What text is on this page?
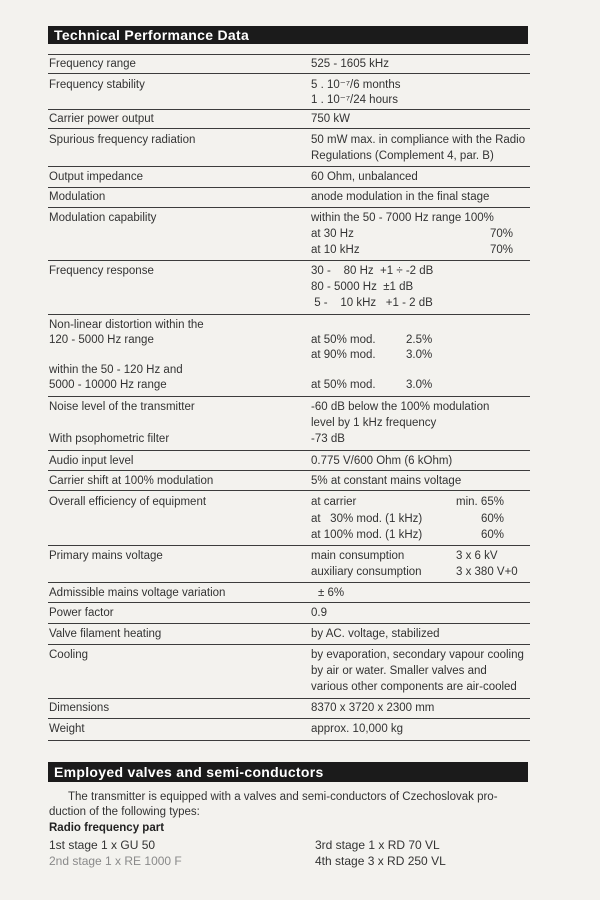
Technical Performance Data
Frequency range	525 - 1605 kHz
Frequency stability	5 . 10⁻⁷/6 months
1 . 10⁻⁷/24 hours
Carrier power output	750 kW
Spurious frequency radiation	50 mW max. in compliance with the Radio
Regulations (Complement 4, par. B)
Output impedance	60 Ohm, unbalanced
Modulation	anode modulation in the final stage
Modulation capability	within the 50 - 7000 Hz range 100%
at 30 Hz	70%
at 10 kHz	70%
Frequency response	30 -    80 Hz  +1 ÷ -2 dB
80 - 5000 Hz  ±1 dB
5 -    10 kHz   +1 - 2 dB
Non-linear distortion within the
120 - 5000 Hz range	at 50% mod.	2.5%
at 90% mod.	3.0%
within the 50 - 120 Hz and
5000 - 10000 Hz range	at 50% mod.	3.0%
Noise level of the transmitter	-60 dB below the 100% modulation
level by 1 kHz frequency
With psophometric filter	-73 dB
Audio input level	0.775 V/600 Ohm (6 kOhm)
Carrier shift at 100% modulation	5% at constant mains voltage
Overall efficiency of equipment	at carrier	min. 65%
at   30% mod. (1 kHz)	60%
at 100% mod. (1 kHz)	60%
Primary mains voltage	main consumption	3 x 6 kV
auxiliary consumption	3 x 380 V+0
Admissible mains voltage variation	± 6%
Power factor	0.9
Valve filament heating	by AC. voltage, stabilized
Cooling	by evaporation, secondary vapour cooling
by air or water. Smaller valves and
various other components are air-cooled
Dimensions	8370 x 3720 x 2300 mm
Weight	approx. 10,000 kg
Employed valves and semi-conductors
The transmitter is equipped with a valves and semi-conductors of Czechoslovak pro-
duction of the following types:
Radio frequency part
1st stage 1 x GU 50
2nd stage 1 x RE 1000 F
3rd stage 1 x RD 70 VL
4th stage 3 x RD 250 VL
